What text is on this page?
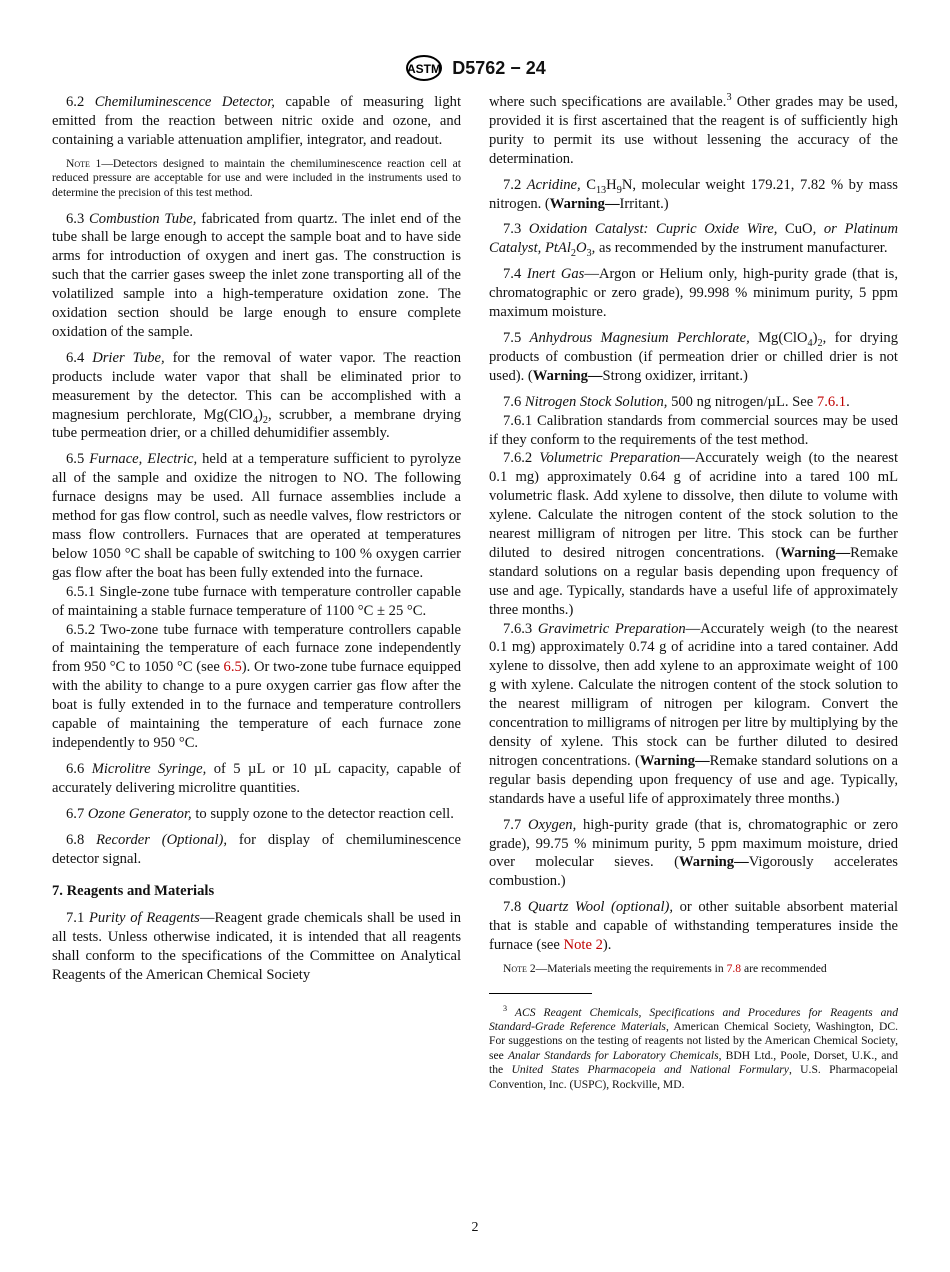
ASTM D5762 − 24

6.2 Chemiluminescence Detector, capable of measuring light emitted from the reaction between nitric oxide and ozone, and containing a variable attenuation amplifier, integrator, and readout.

Note 1—Detectors designed to maintain the chemiluminescence reaction cell at reduced pressure are acceptable for use and were included in the instruments used to determine the precision of this test method.

6.3 Combustion Tube, fabricated from quartz. The inlet end of the tube shall be large enough to accept the sample boat and to have side arms for introduction of oxygen and inert gas. The construction is such that the carrier gases sweep the inlet zone transporting all of the volatilized sample into a high-temperature oxidation zone. The oxidation section should be large enough to ensure complete oxidation of the sample.

6.4 Drier Tube, for the removal of water vapor. The reaction products include water vapor that shall be eliminated prior to measurement by the detector. This can be accomplished with a magnesium perchlorate, $Mg(ClO_4)_2$, scrubber, a membrane drying tube permeation drier, or a chilled dehumidifier assembly.

6.5 Furnace, Electric, held at a temperature sufficient to pyrolyze all of the sample and oxidize the nitrogen to NO. The following furnace designs may be used. All furnace assemblies include a method for gas flow control, such as needle valves, flow restrictors or mass flow controllers. Furnaces that are operated at temperatures below 1050 °C shall be capable of switching to 100 % oxygen carrier gas flow after the boat has been fully extended into the furnace.

6.5.1 Single-zone tube furnace with temperature controller capable of maintaining a stable furnace temperature of 1100 °C ± 25 °C.

6.5.2 Two-zone tube furnace with temperature controllers capable of maintaining the temperature of each furnace zone independently from 950 °C to 1050 °C (see 6.5). Or two-zone tube furnace equipped with the ability to change to a pure oxygen carrier gas flow after the boat is fully extended in to the furnace and temperature controllers capable of maintaining the temperature of each furnace zone independently to 950 °C.

6.6 Microlitre Syringe, of 5 µL or 10 µL capacity, capable of accurately delivering microlitre quantities.

6.7 Ozone Generator, to supply ozone to the detector reaction cell.

6.8 Recorder (Optional), for display of chemiluminescence detector signal.

7. Reagents and Materials

7.1 Purity of Reagents—Reagent grade chemicals shall be used in all tests. Unless otherwise indicated, it is intended that all reagents shall conform to the specifications of the Committee on Analytical Reagents of the American Chemical Society

where such specifications are available.$^3$ Other grades may be used, provided it is first ascertained that the reagent is of sufficiently high purity to permit its use without lessening the accuracy of the determination.

7.2 Acridine, $C_{13}H_9N$, molecular weight 179.21, 7.82 % by mass nitrogen. (Warning—Irritant.)

7.3 Oxidation Catalyst: Cupric Oxide Wire, CuO, or Platinum Catalyst, $PtAl_2O_3$, as recommended by the instrument manufacturer.

7.4 Inert Gas—Argon or Helium only, high-purity grade (that is, chromatographic or zero grade), 99.998 % minimum purity, 5 ppm maximum moisture.

7.5 Anhydrous Magnesium Perchlorate, $Mg(ClO_4)_2$, for drying products of combustion (if permeation drier or chilled drier is not used). (Warning—Strong oxidizer, irritant.)

7.6 Nitrogen Stock Solution, 500 ng nitrogen/µL. See 7.6.1.

7.6.1 Calibration standards from commercial sources may be used if they conform to the requirements of the test method.

7.6.2 Volumetric Preparation—Accurately weigh (to the nearest 0.1 mg) approximately 0.64 g of acridine into a tared 100 mL volumetric flask. Add xylene to dissolve, then dilute to volume with xylene. Calculate the nitrogen content of the stock solution to the nearest milligram of nitrogen per litre. This stock can be further diluted to desired nitrogen concentrations. (Warning—Remake standard solutions on a regular basis depending upon frequency of use and age. Typically, standards have a useful life of approximately three months.)

7.6.3 Gravimetric Preparation—Accurately weigh (to the nearest 0.1 mg) approximately 0.74 g of acridine into a tared container. Add xylene to dissolve, then add xylene to an approximate weight of 100 g with xylene. Calculate the nitrogen content of the stock solution to the nearest milligram of nitrogen per kilogram. Convert the concentration to milligrams of nitrogen per litre by multiplying by the density of xylene. This stock can be further diluted to desired nitrogen concentrations. (Warning—Remake standard solutions on a regular basis depending upon frequency of use and age. Typically, standards have a useful life of approximately three months.)

7.7 Oxygen, high-purity grade (that is, chromatographic or zero grade), 99.75 % minimum purity, 5 ppm maximum moisture, dried over molecular sieves. (Warning—Vigorously accelerates combustion.)

7.8 Quartz Wool (optional), or other suitable absorbent material that is stable and capable of withstanding temperatures inside the furnace (see Note 2).

Note 2—Materials meeting the requirements in 7.8 are recommended

$^3$ ACS Reagent Chemicals, Specifications and Procedures for Reagents and Standard-Grade Reference Materials, American Chemical Society, Washington, DC. For suggestions on the testing of reagents not listed by the American Chemical Society, see Analar Standards for Laboratory Chemicals, BDH Ltd., Poole, Dorset, U.K., and the United States Pharmacopeia and National Formulary, U.S. Pharmacopeial Convention, Inc. (USPC), Rockville, MD.

2
